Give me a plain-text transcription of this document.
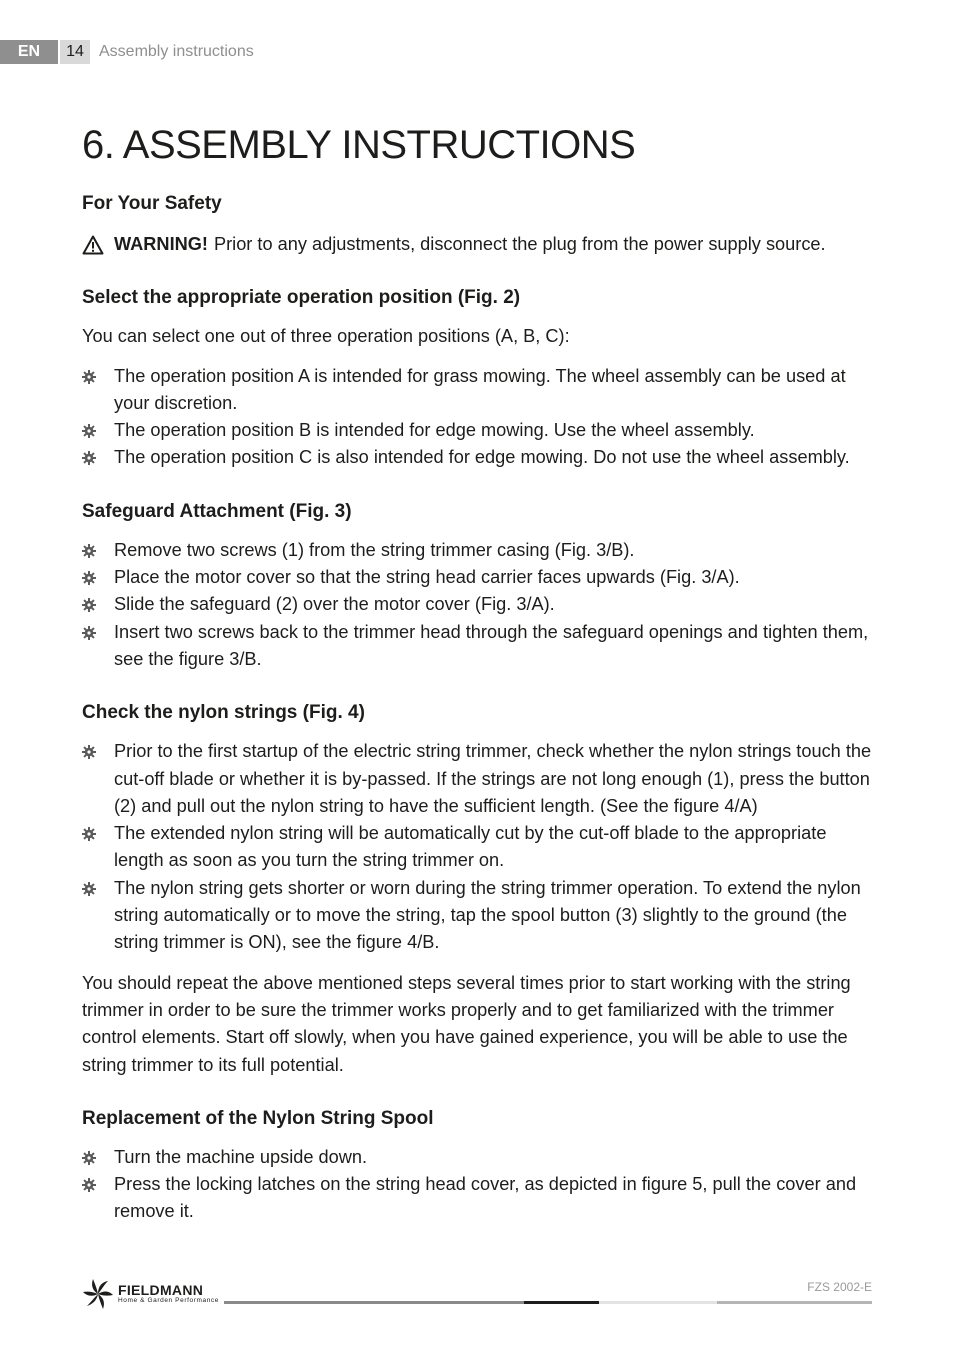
EN	14 Assembly instructions
6. ASSEMBLY INSTRUCTIONS
For Your Safety

WARNING! Prior to any adjustments, disconnect the plug from the power supply source.

Select the appropriate operation position (Fig. 2)

You can select one out of three operation positions (A, B, C):

The operation position A is intended for grass mowing. The wheel assembly can be used at your discretion.
The operation position B is intended for edge mowing. Use the wheel assembly.
The operation position C is also intended for edge mowing. Do not use the wheel assembly.
Safeguard Attachment (Fig. 3)
Remove two screws (1) from the string trimmer casing (Fig. 3/B).
Place the motor cover so that the string head carrier faces upwards (Fig. 3/A).
Slide the safeguard (2) over the motor cover (Fig. 3/A).
Insert two screws back to the trimmer head through the safeguard openings and tighten them, see the figure 3/B.
Check the nylon strings (Fig. 4)
Prior to the first startup of the electric string trimmer, check whether the nylon strings touch the cut-off blade or whether it is by-passed. If the strings are not long enough (1), press the button (2) and pull out the nylon string to have the sufficient length. (See the figure 4/A)
The extended nylon string will be automatically cut by the cut-off blade to the appropriate length as soon as you turn the string trimmer on.
The nylon string gets shorter or worn during the string trimmer operation. To extend the nylon string automatically or to move the string, tap the spool button (3) slightly to the ground (the string trimmer is ON), see the figure 4/B.

You should repeat the above mentioned steps several times prior to start working with the string trimmer in order to be sure the trimmer works properly and to get familiarized with the trimmer control elements. Start off slowly, when you have gained experience, you will be able to use the string trimmer to its full potential.

Replacement of the Nylon String Spool
Turn the machine upside down.
Press the locking latches on the string head cover, as depicted in figure 5, pull the cover and remove it.
FIELDMANN
Home & Garden Performance
FZS 2002-E
